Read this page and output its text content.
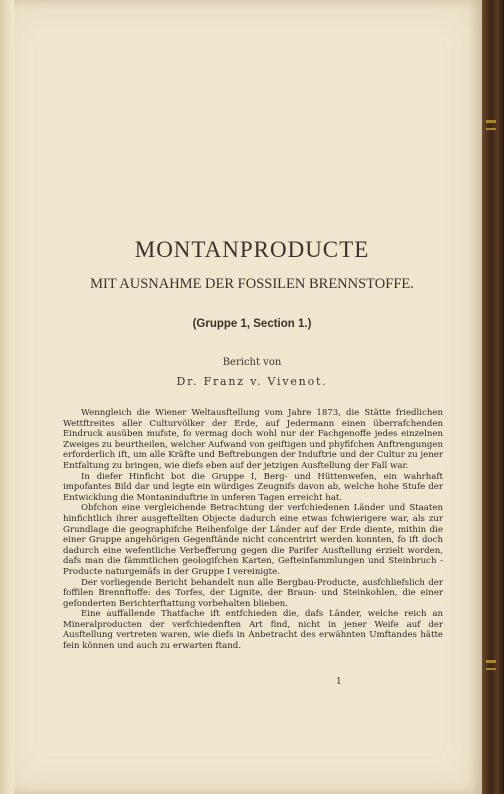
MONTANPRODUCTE
MIT AUSNAHME DER FOSSILEN BRENNSTOFFE.
(Gruppe 1, Section 1.)
Bericht von
Dr. Franz v. Vivenot.

Wenngleich die Wiener Weltausftellung vom Jahre 1873, die Stätte friedlichen Wettftreites aller Culturvölker der Erde, auf Jedermann einen überrafchenden Eindruck ausüben mufste, fo vermag doch wohl nur der Fachgenoffe jedes einzelnen Zweiges zu beurtheilen, welcher Aufwand von geiftigen und phyfifchen Anftrengungen erforderlich ift, um alle Kräfte und Beftrebungen der Induftrie und der Cultur zu jener Entfaltung zu bringen, wie diefs eben auf der jetzigen Ausftellung der Fall war.

In diefer Hinficht bot die Gruppe I, Berg- und Hüttenwefen, ein wahrhaft impofantes Bild dar und legte ein würdiges Zeugnifs davon ab, welche hohe Stufe der Entwicklung die Montaninduftrie in unferen Tagen erreicht hat.

Obfchon eine vergleichende Betrachtung der verfchiedenen Länder und Staaten hinfichtlich ihrer ausgeftellten Objecte dadurch eine etwas fchwierigere war, als zur Grundlage die geographifche Reihenfolge der Länder auf der Erde diente, mithin die einer Gruppe angehörigen Gegenftände nicht concentrirt werden konnten, fo ift doch dadurch eine wefentliche Verbefferung gegen die Parifer Ausftellung erzielt worden, dafs man die fämmtlichen geologifchen Karten, Gefteinfammlungen und Steinbruch - Producte naturgemäfs in der Gruppe I vereinigte.

Der vorliegende Bericht behandelt nun alle Bergbau-Producte, ausfchliefslich der foffilen Brennftoffe: des Torfes, der Lignite, der Braun- und Steinkohlen, die einer gefonderten Berichterftattung vorbehalten blieben.

Eine auffallende Thatfache ift entfchieden die, dafs Länder, welche reich an Mineralproducten der verfchiedenften Art find, nicht in jener Weife auf der Ausftellung vertreten waren, wie diefs in Anbetracht des erwähnten Umftandes hätte fein können und auch zu erwarten ftand.

1
